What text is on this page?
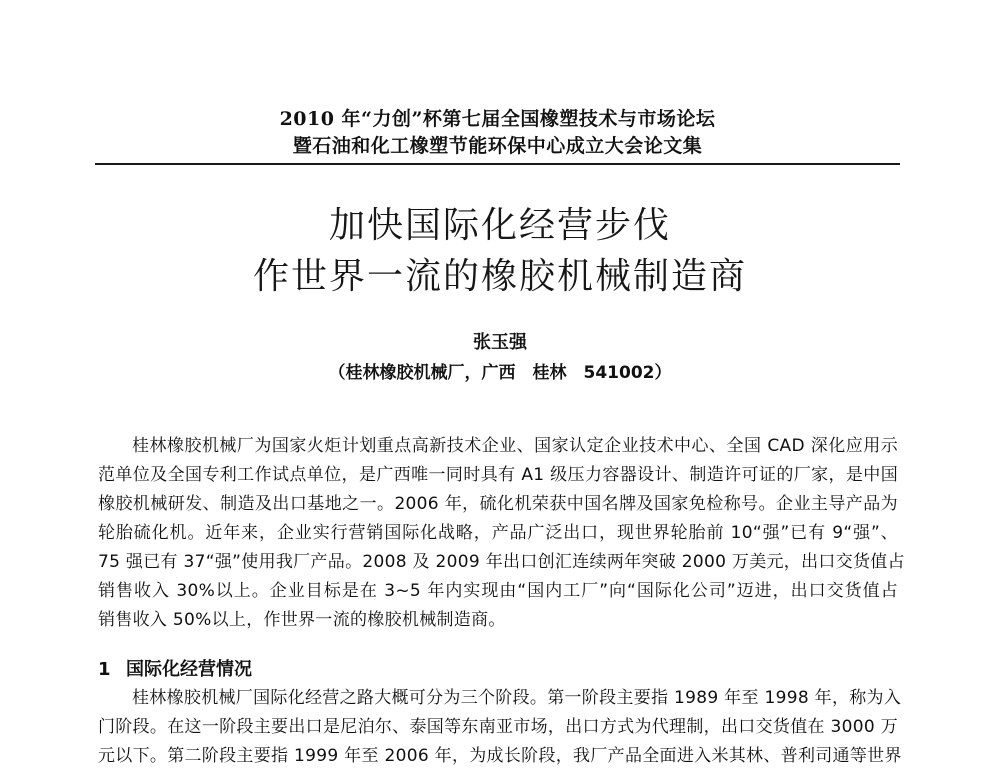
2010 年“力创”杯第七届全国橡塑技术与市场论坛
暨石油和化工橡塑节能环保中心成立大会论文集
加快国际化经营步伐
作世界一流的橡胶机械制造商
张玉强
（桂林橡胶机械厂，广西　桂林　541002）
桂林橡胶机械厂为国家火炬计划重点高新技术企业、国家认定企业技术中心、全国 CAD 深化应用示
范单位及全国专利工作试点单位，是广西唯一同时具有 A1 级压力容器设计、制造许可证的厂家，是中国
橡胶机械研发、制造及出口基地之一。2006 年，硫化机荣获中国名牌及国家免检称号。企业主导产品为
轮胎硫化机。近年来，企业实行营销国际化战略，产品广泛出口，现世界轮胎前 10“强”已有 9“强”、
75 强已有 37“强”使用我厂产品。2008 及 2009 年出口创汇连续两年突破 2000 万美元，出口交货值占
销售收入 30%以上。企业目标是在 3~5 年内实现由“国内工厂”向“国际化公司”迈进，出口交货值占
销售收入 50%以上，作世界一流的橡胶机械制造商。
1 国际化经营情况
桂林橡胶机械厂国际化经营之路大概可分为三个阶段。第一阶段主要指 1989 年至 1998 年，称为入
门阶段。在这一阶段主要出口是尼泊尔、泰国等东南亚市场，出口方式为代理制，出口交货值在 3000 万
元以下。第二阶段主要指 1999 年至 2006 年，为成长阶段，我厂产品全面进入米其林、普利司通等世界
